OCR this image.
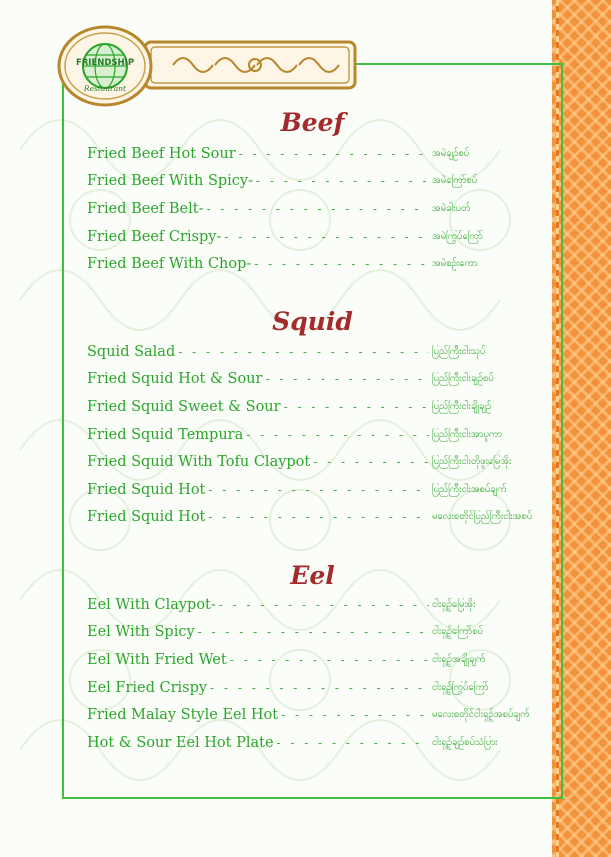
FRIENDSHIP
Restaurant
Beef
Fried Beef Hot Sour - - -	အမဲချဉ်စပ်
Fried Beef With Spicy- - - -	အမဲကြော်စပ်
Fried Beef Belt- - - -	အမဲခါးပတ်
Fried Beef Crispy- - - -	အမဲကြွပ်ကြော်
Fried Beef With Chop- - - -	အမဲစဉ်းကော
Squid
Squid Salad - - -	ပြည်ကြီးငါးသုပ်
Fried Squid Hot & Sour - - -	ပြည်ကြီးငါးချဉ်စပ်
Fried Squid Sweet & Sour - - -	ပြည်ကြီးငါးချိုချဉ်
Fried Squid Tempura - - -	ပြည်ကြီးငါးအာပူကာ
Fried Squid With Tofu Claypot - - -	ပြည်ကြီးငါးတိုဖူးမြေအိုး
Fried Squid Hot - - -	ပြည်ကြီးငါးအစပ်ချက်
Fried Squid Hot - - -	မလေးစတိုင်ပြည်ကြီးငါးအစပ်
Eel
Eel With Claypot- - - -	ငါးရှဉ့်မြေအိုး
Eel With Spicy - - -	ငါးရှဉ့်ကြော်စပ်
Eel With Fried Wet - - -	ငါးရှဉ့်အချိုချက်
Eel Fried Crispy - - -	ငါးရှဉ့်ကြွပ်ကြော်
Fried Malay Style Eel Hot - - -	မလေးစတိုင်ငါးရှဉ့်အစပ်ချက်
Hot & Sour Eel Hot Plate - - -	ငါးရှဉ့်ချဉ်စပ်သံပြား
